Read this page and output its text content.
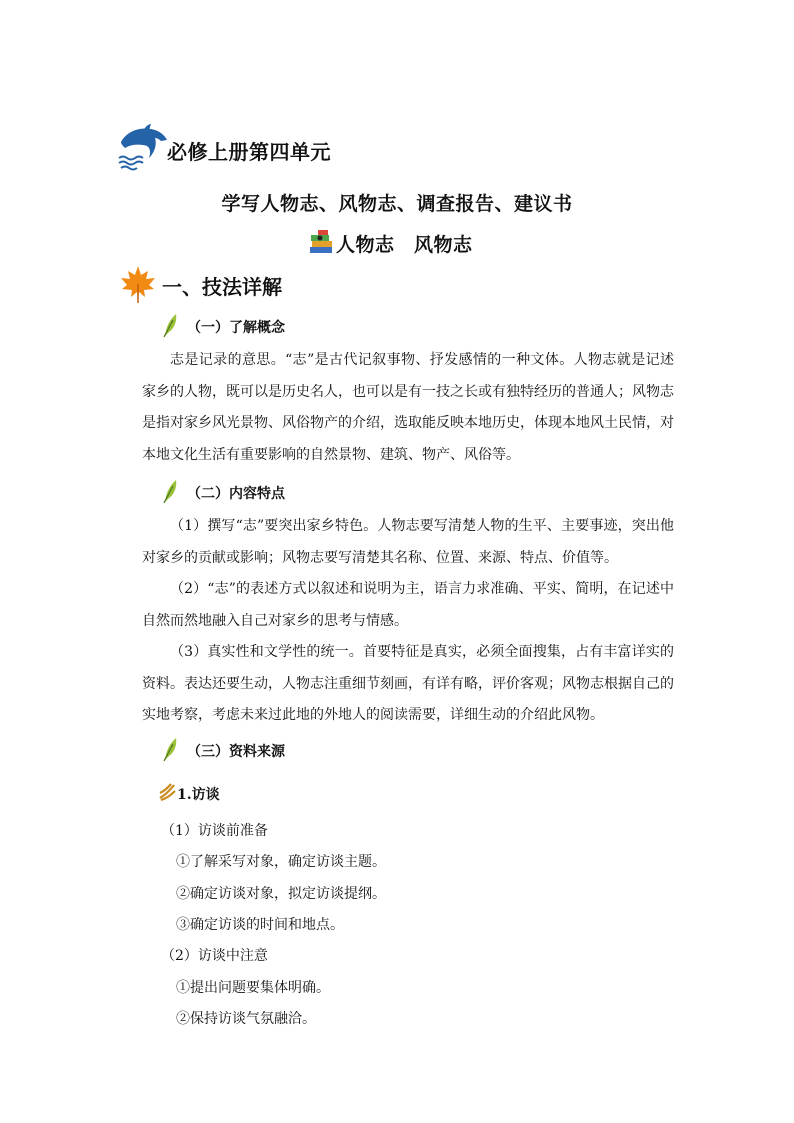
必修上册第四单元
学写人物志、风物志、调查报告、建议书
人物志　风物志
一、技法详解
（一）了解概念

志是记录的意思。“志”是古代记叙事物、抒发感情的一种文体。人物志就是记述家乡的人物，既可以是历史名人，也可以是有一技之长或有独特经历的普通人；风物志是指对家乡风光景物、风俗物产的介绍，选取能反映本地历史，体现本地风土民情，对本地文化生活有重要影响的自然景物、建筑、物产、风俗等。

（二）内容特点

（1）撰写“志”要突出家乡特色。人物志要写清楚人物的生平、主要事迹，突出他对家乡的贡献或影响；风物志要写清楚其名称、位置、来源、特点、价值等。

（2）“志”的表述方式以叙述和说明为主，语言力求准确、平实、简明，在记述中自然而然地融入自己对家乡的思考与情感。

（3）真实性和文学性的统一。首要特征是真实，必须全面搜集，占有丰富详实的资料。表达还要生动，人物志注重细节刻画，有详有略，评价客观；风物志根据自己的实地考察，考虑未来过此地的外地人的阅读需要，详细生动的介绍此风物。

（三）资料来源
1.访谈
（1）访谈前准备
①了解采写对象，确定访谈主题。
②确定访谈对象，拟定访谈提纲。
③确定访谈的时间和地点。
（2）访谈中注意
①提出问题要集体明确。
②保持访谈气氛融洽。
